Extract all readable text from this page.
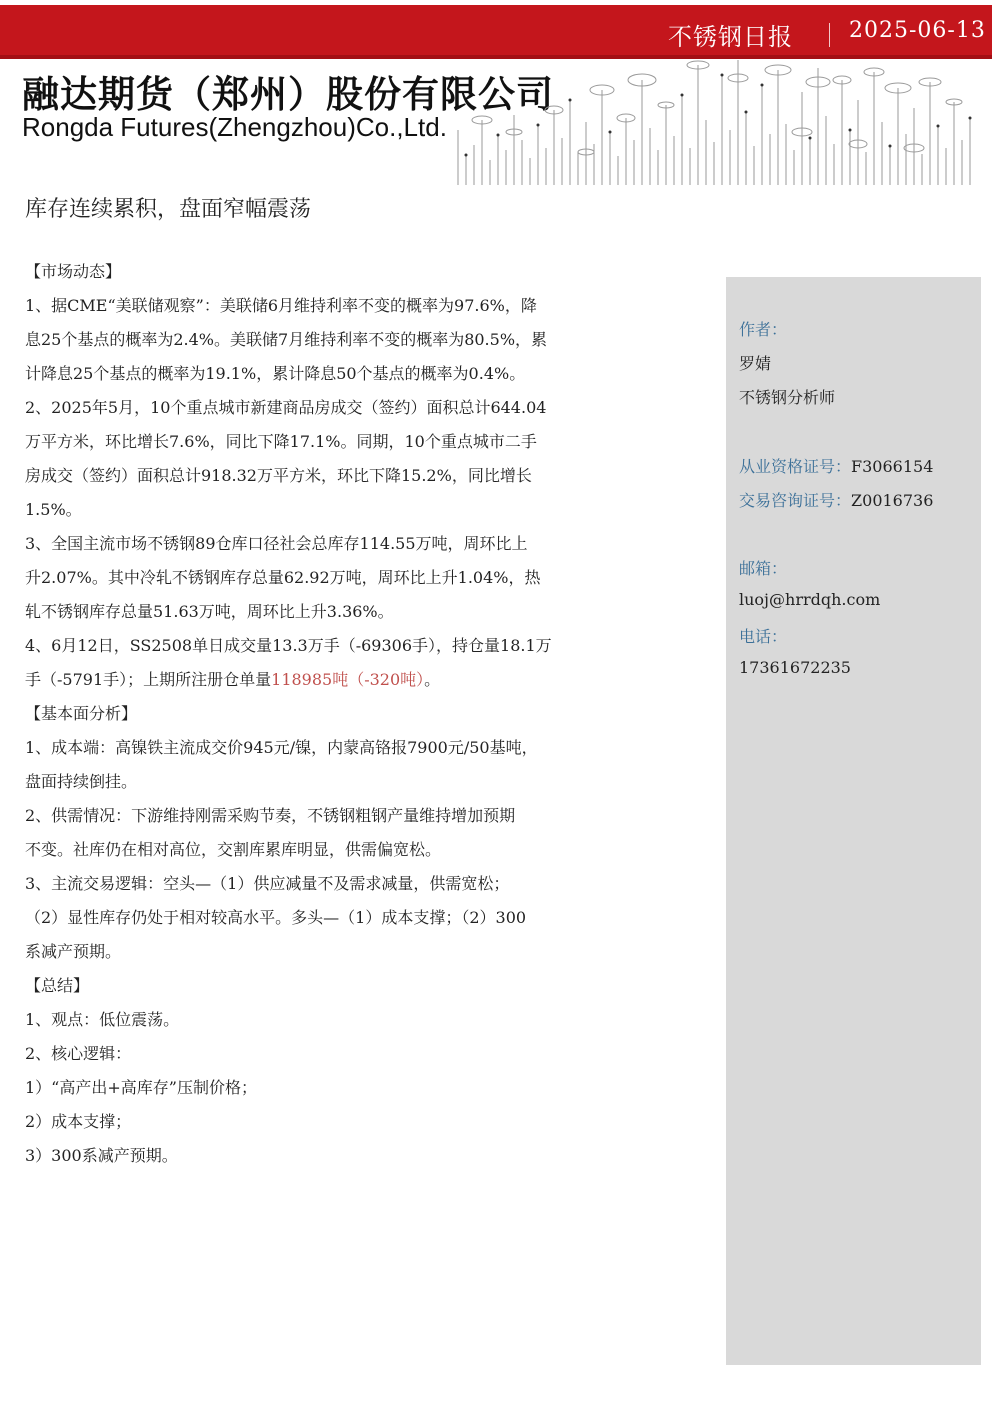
不锈钢日报	2025-06-13
融达期货（郑州）股份有限公司
Rongda Futures(Zhengzhou)Co.,Ltd.
库存连续累积，盘面窄幅震荡
【市场动态】
1、据CME“美联储观察”：美联储6月维持利率不变的概率为97.6%，降
息25个基点的概率为2.4%。美联储7月维持利率不变的概率为80.5%，累
计降息25个基点的概率为19.1%，累计降息50个基点的概率为0.4%。
2、2025年5月，10个重点城市新建商品房成交（签约）面积总计644.04
万平方米，环比增长7.6%，同比下降17.1%。同期，10个重点城市二手
房成交（签约）面积总计918.32万平方米，环比下降15.2%，同比增长
1.5%。
3、全国主流市场不锈钢89仓库口径社会总库存114.55万吨，周环比上
升2.07%。其中冷轧不锈钢库存总量62.92万吨，周环比上升1.04%，热
轧不锈钢库存总量51.63万吨，周环比上升3.36%。
4、6月12日，SS2508单日成交量13.3万手（-69306手），持仓量18.1万
手（-5791手）；上期所注册仓单量118985吨（-320吨）。
【基本面分析】
1、成本端：高镍铁主流成交价945元/镍，内蒙高铬报7900元/50基吨，
盘面持续倒挂。
2、供需情况：下游维持刚需采购节奏，不锈钢粗钢产量维持增加预期
不变。社库仍在相对高位，交割库累库明显，供需偏宽松。
3、主流交易逻辑：空头—（1）供应减量不及需求减量，供需宽松；
（2）显性库存仍处于相对较高水平。多头—（1）成本支撑；（2）300
系减产预期。
【总结】
1、观点：低位震荡。
2、核心逻辑：
1）“高产出+高库存”压制价格；
2）成本支撑；
3）300系减产预期。
作者：
罗婧
不锈钢分析师
从业资格证号：F3066154
交易咨询证号：Z0016736
邮箱：
luoj@hrrdqh.com
电话：
17361672235
